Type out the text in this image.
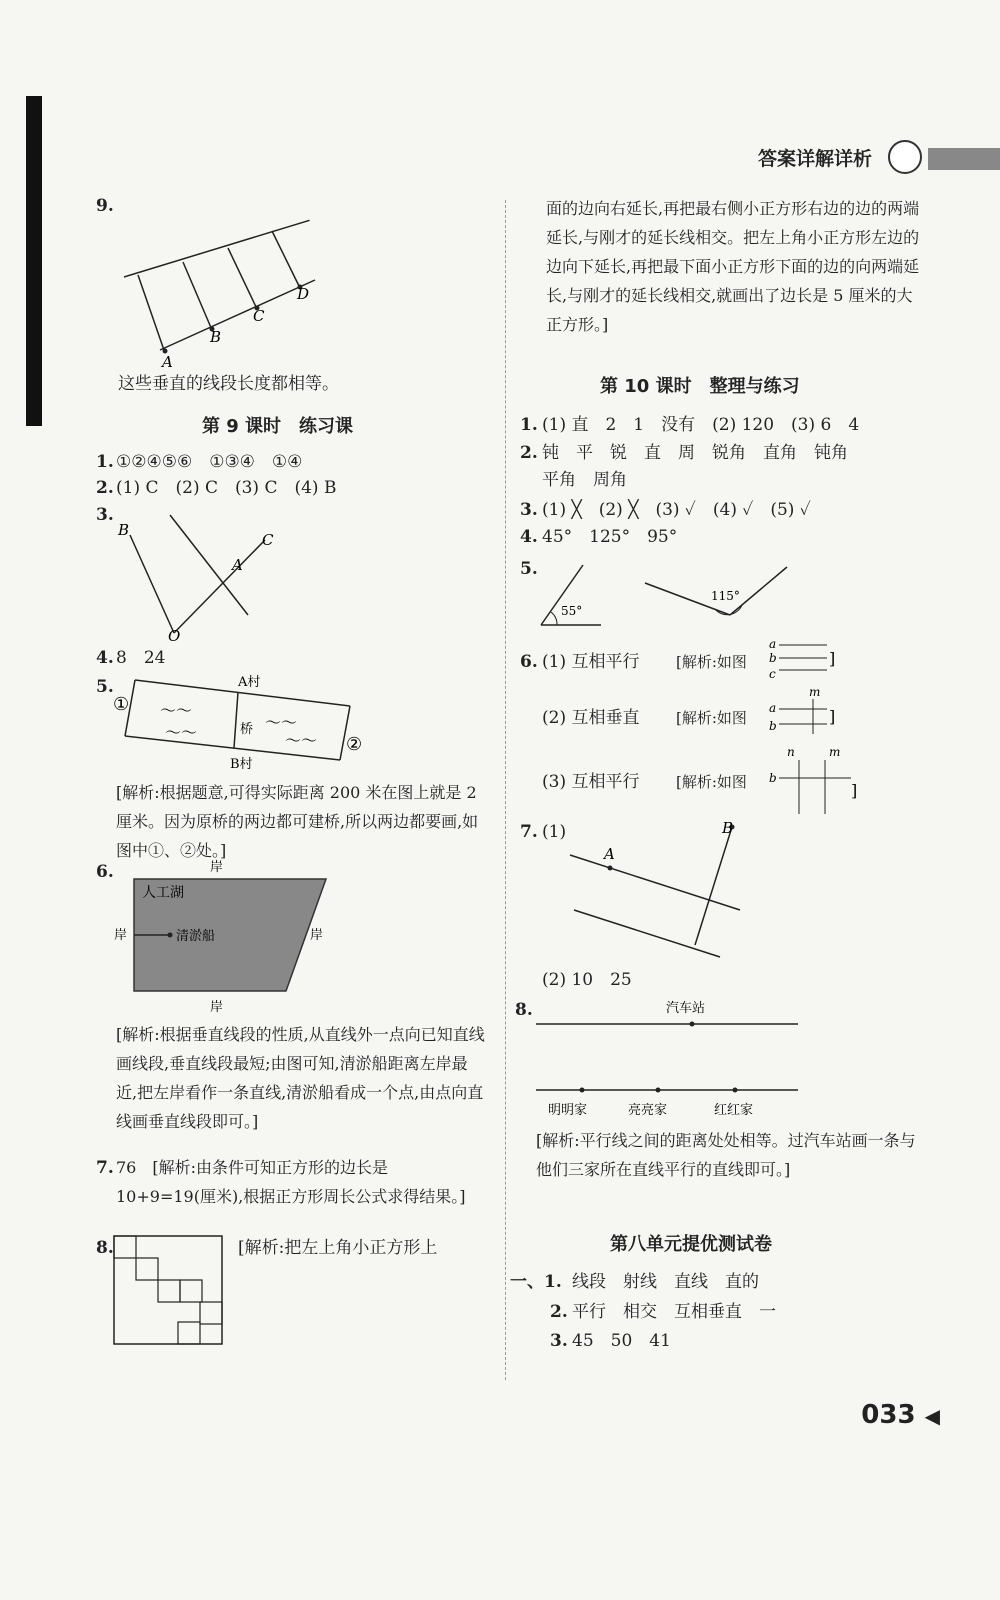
答案详解详析
9.
A
B
C
D
这些垂直的线段长度都相等。
第 9 课时　练习课
1. ①②④⑤⑥　①③④　①④
2. (1) C　(2) C　(3) C　(4) B
3.
B
C
A
O
4. 8　24
5.
①
②
A村
B村
桥
～～
～～
～～	～～
[解析:根据题意,可得实际距离 200 米在图上就是 2 厘米。因为原桥的两边都可建桥,所以两边都要画,如图中①、②处。]
6.	岸
人工湖
岸	清淤船	岸
岸
[解析:根据垂直线段的性质,从直线外一点向已知直线画线段,垂直线段最短;由图可知,清淤船距离左岸最近,把左岸看作一条直线,清淤船看成一个点,由点向直线画垂直线段即可。]
7. 76　[解析:由条件可知正方形的边长是 10+9=19(厘米),根据正方形周长公式求得结果。]
8.	[解析:把左上角小正方形上
面的边向右延长,再把最右侧小正方形右边的边的两端延长,与刚才的延长线相交。把左上角小正方形左边的边向下延长,再把最下面小正方形下面的边的向两端延长,与刚才的延长线相交,就画出了边长是 5 厘米的大正方形。]
第 10 课时　整理与练习
1. (1) 直　2　1　没有　(2) 120　(3) 6　4
2. 钝　平　锐　直　周　锐角　直角　钝角
平角　周角
3. (1) ╳　(2) ╳　(3) ✓　(4) ✓　(5) ✓
4. 45°　125°　95°
5.
55°
115°
6. (1) 互相平行 [解析:如图
a
b
c
]
(2) 互相垂直 [解析:如图
m
a
b	]
(3) 互相平行 [解析:如图
n	m
b
]
7. (1)
A
B
(2) 10　25
8.	汽车站
明明家	亮亮家	红红家
[解析:平行线之间的距离处处相等。过汽车站画一条与他们三家所在直线平行的直线即可。]
第八单元提优测试卷
一、1. 线段　射线　直线　直的
2. 平行　相交　互相垂直　一
3. 45　50　41
033 ◀
